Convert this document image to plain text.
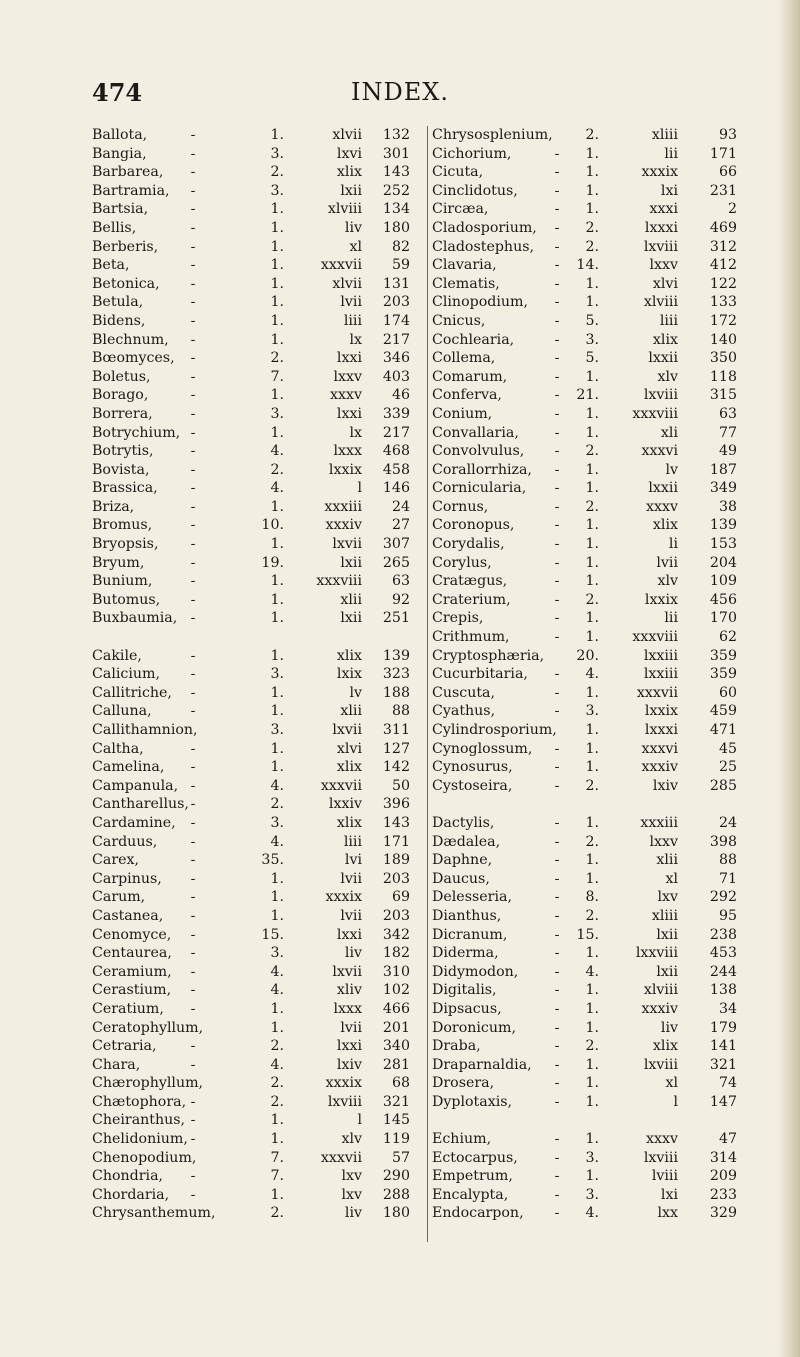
INDEX.
474
Ballota,	-	1.	xlvii	132
Bangia,	-	3.	lxvi	301
Barbarea,	-	2.	xlix	143
Bartramia,	-	3.	lxii	252
Bartsia,	-	1.	xlviii	134
Bellis,	-	1.	liv	180
Berberis,	-	1.	xl	82
Beta,	-	1.	xxxvii	59
Betonica,	-	1.	xlvii	131
Betula,	-	1.	lvii	203
Bidens,	-	1.	liii	174
Blechnum,	-	1.	lx	217
Bœomyces,	-	2.	lxxi	346
Boletus,	-	7.	lxxv	403
Borago,	-	1.	xxxv	46
Borrera,	-	3.	lxxi	339
Botrychium, -	1.	lx	217
Botrytis,	-	4.	lxxx	468
Bovista,	-	2.	lxxix	458
Brassica,	-	4.	l	146
Briza,	-	1.	xxxiii	24
Bromus,	-	10.	xxxiv	27
Bryopsis,	-	1.	lxvii	307
Bryum,	-	19.	lxii	265
Bunium,	-	1.	xxxviii	63
Butomus,	-	1.	xlii	92
Buxbaumia, -	1.	lxii	251
Cakile,	-	1.	xlix	139
Calicium,	-	3.	lxix	323
Callitriche,	-	1.	lv	188
Calluna,	-	1.	xlii	88
Callithamnion,	3.	lxvii	311
Caltha,	-	1.	xlvi	127
Camelina,	-	1.	xlix	142
Campanula, -	4.	xxxvii	50
Cantharellus, -	2.	lxxiv	396
Cardamine,	-	3.	xlix	143
Carduus,	-	4.	liii	171
Carex,	-	35.	lvi	189
Carpinus,	-	1.	lvii	203
Carum,	-	1.	xxxix	69
Castanea,	-	1.	lvii	203
Cenomyce,	-	15.	lxxi	342
Centaurea,	-	3.	liv	182
Ceramium,	-	4.	lxvii	310
Cerastium,	-	4.	xliv	102
Ceratium,	-	1.	lxxx	466
Ceratophyllum,	1.	lvii	201
Cetraria,	-	2.	lxxi	340
Chara,	-	4.	lxiv	281
Chærophyllum,	2.	xxxix	68
Chætophora, -	2.	lxviii	321
Cheiranthus, -	1.	l	145
Chelidonium, -	1.	xlv	119
Chenopodium,	7.	xxxvii	57
Chondria,	-	7.	lxv	290
Chordaria,	-	1.	lxv	288
Chrysanthemum,	2.	liv	180
Chrysosplenium,	2.	xliii	93
Cichorium,	-	1.	lii	171
Cicuta,	-	1.	xxxix	66
Cinclidotus,	-	1.	lxi	231
Circæa,	-	1.	xxxi	2
Cladosporium,	-	2.	lxxxi	469
Cladostephus,	-	2.	lxviii	312
Clavaria,	-	14.	lxxv	412
Clematis,	-	1.	xlvi	122
Clinopodium,	-	1.	xlviii	133
Cnicus,	-	5.	liii	172
Cochlearia,	-	3.	xlix	140
Collema,	-	5.	lxxii	350
Comarum,	-	1.	xlv	118
Conferva,	-	21.	lxviii	315
Conium,	-	1.	xxxviii	63
Convallaria,	-	1.	xli	77
Convolvulus,	-	2.	xxxvi	49
Corallorrhiza,	-	1.	lv	187
Cornicularia,	-	1.	lxxii	349
Cornus,	-	2.	xxxv	38
Coronopus,	-	1.	xlix	139
Corydalis,	-	1.	li	153
Corylus,	-	1.	lvii	204
Cratægus,	-	1.	xlv	109
Craterium,	-	2.	lxxix	456
Crepis,	-	1.	lii	170
Crithmum,	-	1.	xxxviii	62
Cryptosphæria,	20.	lxxiii	359
Cucurbitaria,	-	4.	lxxiii	359
Cuscuta,	-	1.	xxxvii	60
Cyathus,	-	3.	lxxix	459
Cylindrosporium,	1.	lxxxi	471
Cynoglossum,	-	1.	xxxvi	45
Cynosurus,	-	1.	xxxiv	25
Cystoseira,	-	2.	lxiv	285
Dactylis,	-	1.	xxxiii	24
Dædalea,	-	2.	lxxv	398
Daphne,	-	1.	xlii	88
Daucus,	-	1.	xl	71
Delesseria,	-	8.	lxv	292
Dianthus,	-	2.	xliii	95
Dicranum,	-	15.	lxii	238
Diderma,	-	1.	lxxviii	453
Didymodon,	-	4.	lxii	244
Digitalis,	-	1.	xlviii	138
Dipsacus,	-	1.	xxxiv	34
Doronicum,	-	1.	liv	179
Draba,	-	2.	xlix	141
Draparnaldia,	-	1.	lxviii	321
Drosera,	-	1.	xl	74
Dyplotaxis,	-	1.	l	147
Echium,	-	1.	xxxv	47
Ectocarpus,	-	3.	lxviii	314
Empetrum,	-	1.	lviii	209
Encalypta,	-	3.	lxi	233
Endocarpon,	-	4.	lxx	329
